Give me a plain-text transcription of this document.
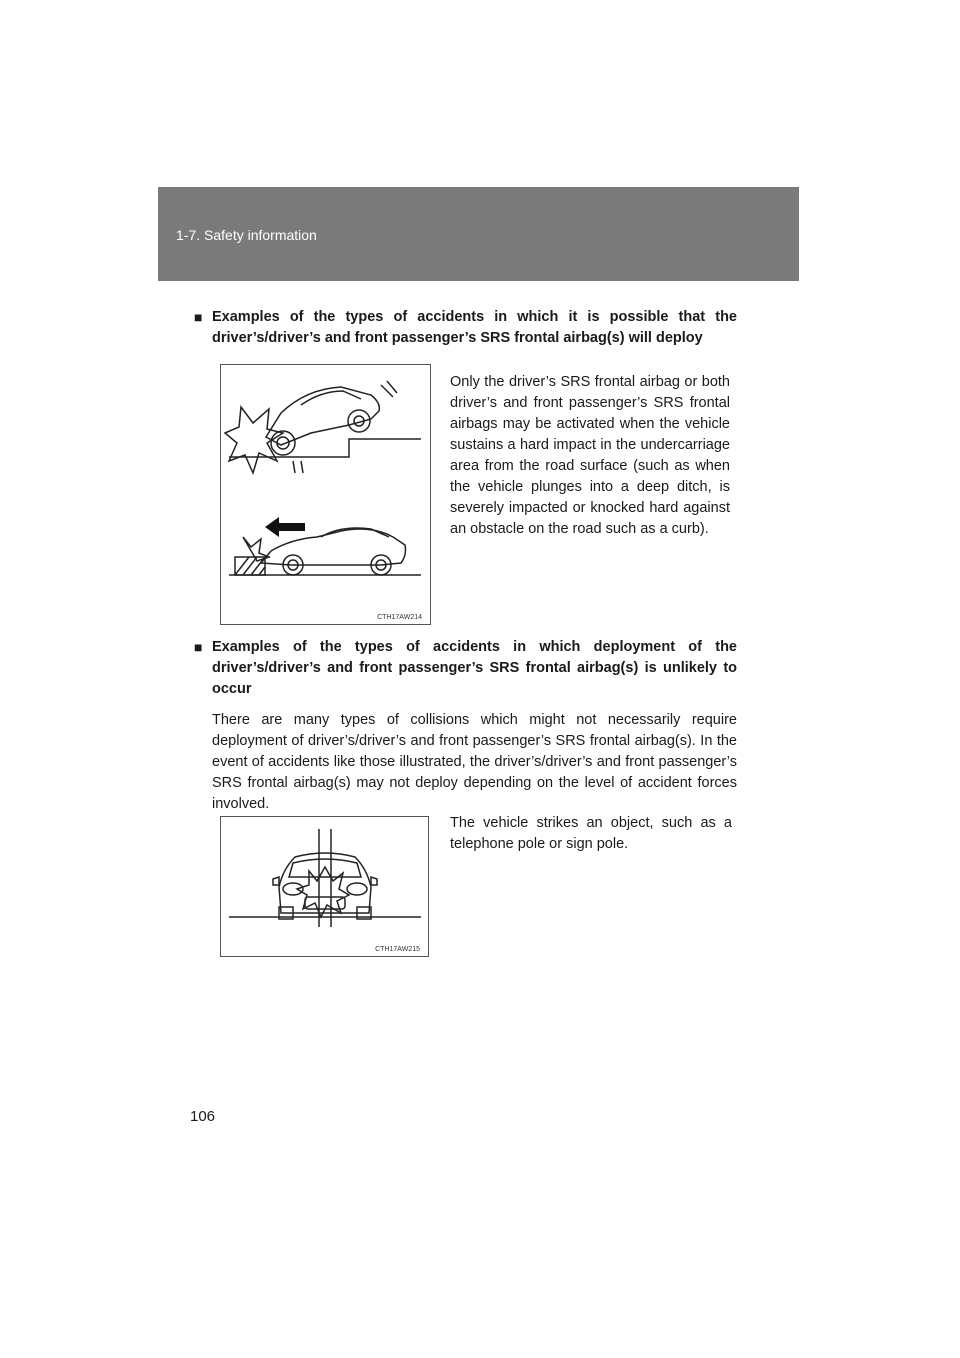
1-7. Safety information
■ Examples of the types of accidents in which it is possible that the driver’s/driver’s and front passenger’s SRS frontal airbag(s) will deploy
CTH17AW214
Only the driver’s SRS frontal airbag or both driver’s and front passenger’s SRS frontal airbags may be activated when the vehicle sustains a hard impact in the undercarriage area from the road surface (such as when the vehicle plunges into a deep ditch, is severely impacted or knocked hard against an obstacle on the road such as a curb).
■ Examples of the types of accidents in which deployment of the driver’s/driver’s and front passenger’s SRS frontal airbag(s) is unlikely to occur
There are many types of collisions which might not necessarily require deployment of driver’s/driver’s and front passenger’s SRS frontal airbag(s). In the event of accidents like those illustrated, the driver’s/driver’s and front passenger’s SRS frontal airbag(s) may not deploy depending on the level of accident forces involved.
CTH17AW215
The vehicle strikes an object, such as a telephone pole or sign pole.
106
